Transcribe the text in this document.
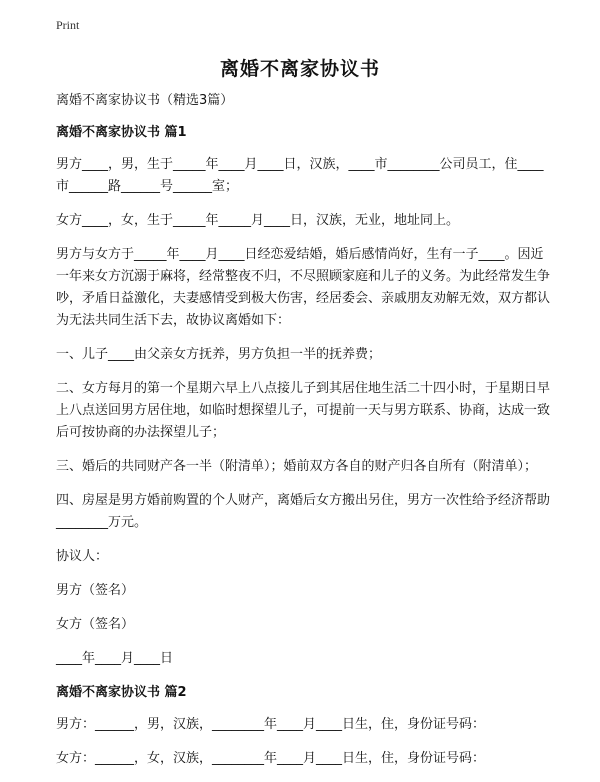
Print
离婚不离家协议书

离婚不离家协议书（精选3篇）

离婚不离家协议书 篇1

男方____，男，生于_____年____月____日，汉族，____市________公司员工，住____市______路______号______室；

女方____，女，生于_____年_____月____日，汉族，无业，地址同上。

男方与女方于_____年____月____日经恋爱结婚，婚后感情尚好，生有一子____。因近一年来女方沉溺于麻将，经常整夜不归，不尽照顾家庭和儿子的义务。为此经常发生争吵，矛盾日益激化，夫妻感情受到极大伤害，经居委会、亲戚朋友劝解无效，双方都认为无法共同生活下去，故协议离婚如下：

一、儿子____由父亲女方抚养，男方负担一半的抚养费；

二、女方每月的第一个星期六早上八点接儿子到其居住地生活二十四小时，于星期日早上八点送回男方居住地，如临时想探望儿子，可提前一天与男方联系、协商，达成一致后可按协商的办法探望儿子；

三、婚后的共同财产各一半（附清单）；婚前双方各自的财产归各自所有（附清单）；

四、房屋是男方婚前购置的个人财产，离婚后女方搬出另住，男方一次性给予经济帮助________万元。

协议人：

男方（签名）

女方（签名）

____年____月____日

离婚不离家协议书 篇2

男方：______，男，汉族，________年____月____日生，住，身份证号码：

女方：______，女，汉族，________年____月____日生，住，身份证号码：
